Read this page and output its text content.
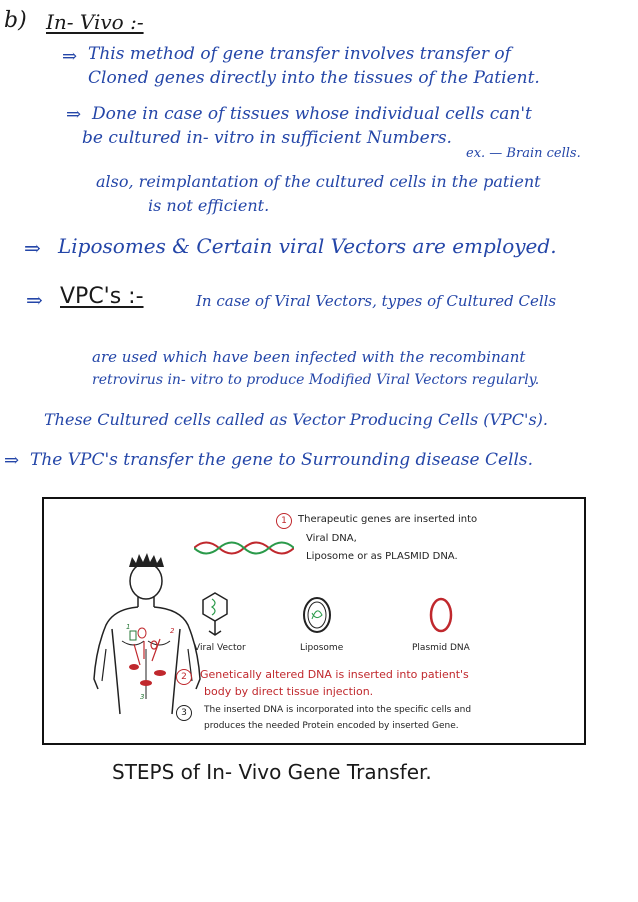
b) In- Vivo :-
⇒ This method of gene transfer involves transfer of
Cloned genes directly into the tissues of the Patient.
⇒ Done in case of tissues whose individual cells can't
be cultured in- vitro in sufficient Numbers.
ex. — Brain cells.
also, reimplantation of the cultured cells in the patient
is not efficient.
⇒ Liposomes & Certain viral Vectors are employed.
⇒ VPC's :-	In case of Viral Vectors, types of Cultured Cells
are used which have been infected with the recombinant
retrovirus in- vitro to produce Modified Viral Vectors regularly.
These Cultured cells called as Vector Producing Cells (VPC's).
⇒ The VPC's transfer the gene to Surrounding disease Cells.
1	2
3
1	Therapeutic genes are inserted into
Viral DNA,
Liposome or as PLASMID DNA.
Viral Vector	Liposome	Plasmid DNA
2	Genetically altered DNA is inserted into patient's
body by direct tissue injection.
3	The inserted DNA is incorporated into the specific cells and
produces the needed Protein encoded by inserted Gene.
STEPS of In- Vivo Gene Transfer.
